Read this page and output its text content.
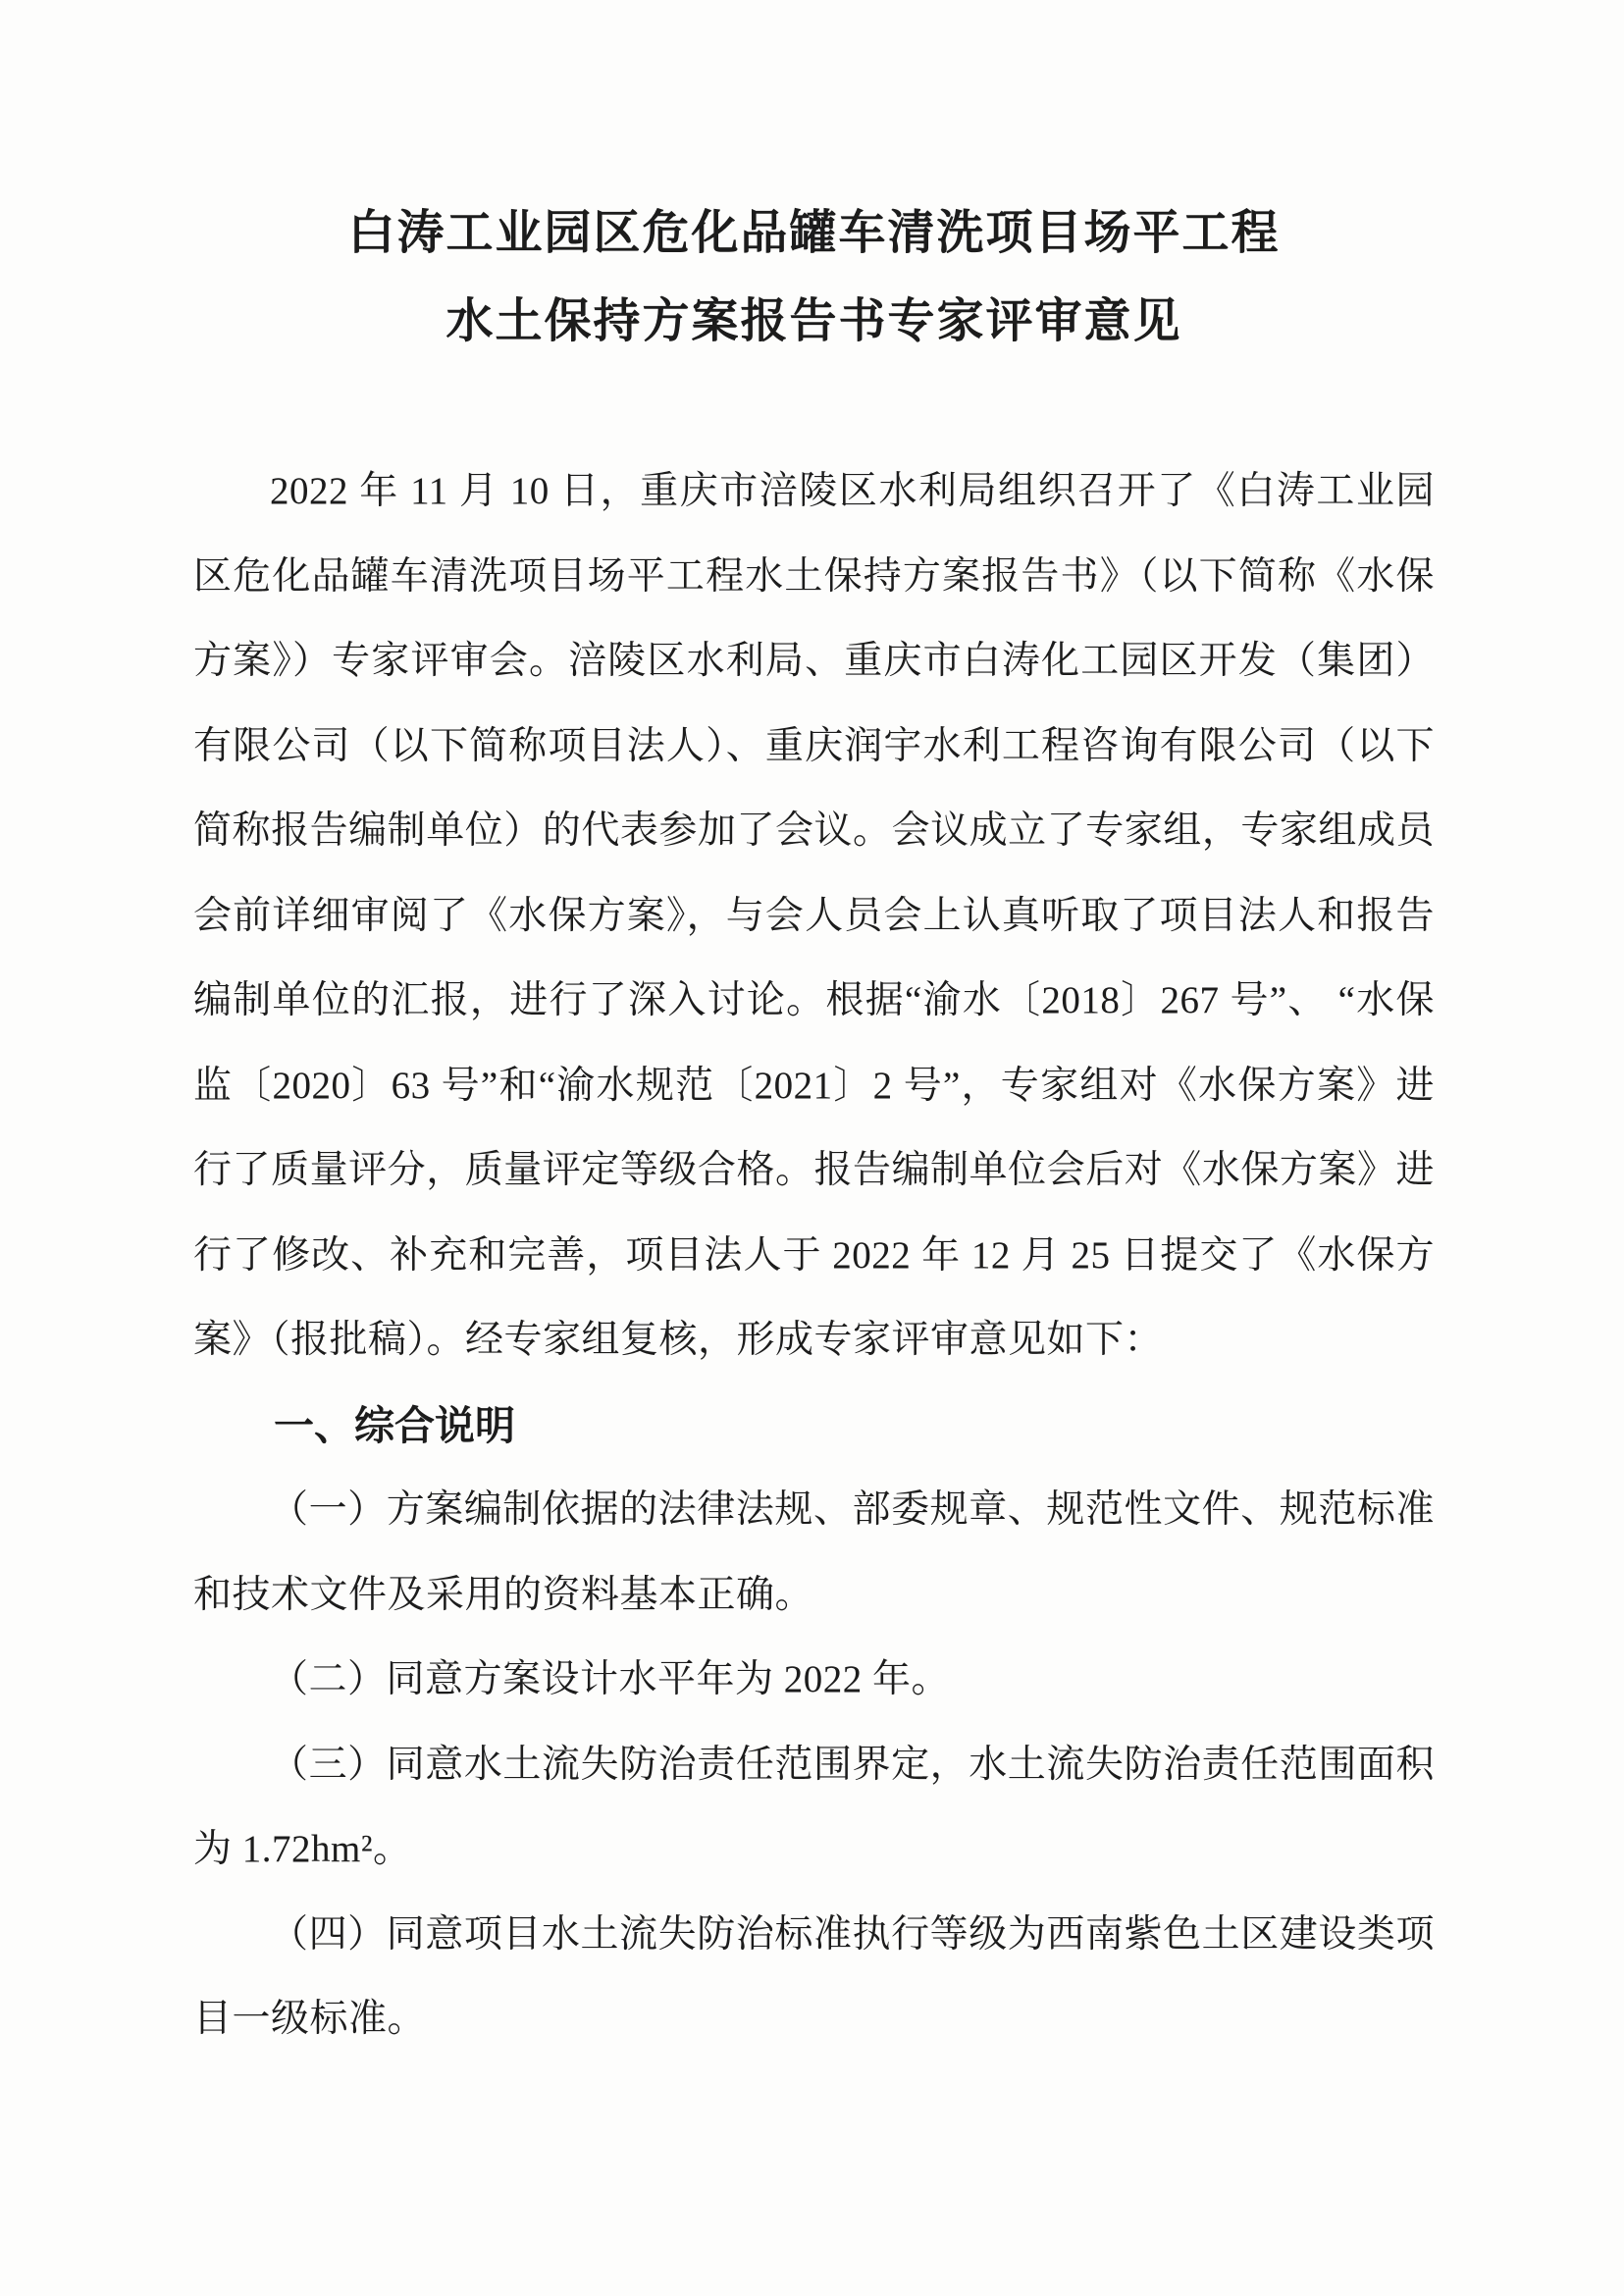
白涛工业园区危化品罐车清洗项目场平工程
水土保持方案报告书专家评审意见

2022 年 11 月 10 日，重庆市涪陵区水利局组织召开了《白涛工业园区危化品罐车清洗项目场平工程水土保持方案报告书》（以下简称《水保方案》）专家评审会。涪陵区水利局、重庆市白涛化工园区开发（集团）有限公司（以下简称项目法人）、重庆润宇水利工程咨询有限公司（以下简称报告编制单位）的代表参加了会议。会议成立了专家组，专家组成员会前详细审阅了《水保方案》，与会人员会上认真听取了项目法人和报告编制单位的汇报，进行了深入讨论。根据“渝水〔2018〕267 号”、 “水保监〔2020〕63 号”和“渝水规范〔2021〕2 号”，专家组对《水保方案》进行了质量评分，质量评定等级合格。报告编制单位会后对《水保方案》进行了修改、补充和完善，项目法人于 2022 年 12 月 25 日提交了《水保方案》（报批稿）。经专家组复核，形成专家评审意见如下：

一、综合说明

（一）方案编制依据的法律法规、部委规章、规范性文件、规范标准和技术文件及采用的资料基本正确。

（二）同意方案设计水平年为 2022 年。

（三）同意水土流失防治责任范围界定，水土流失防治责任范围面积为 1.72hm²。

（四）同意项目水土流失防治标准执行等级为西南紫色土区建设类项目一级标准。
